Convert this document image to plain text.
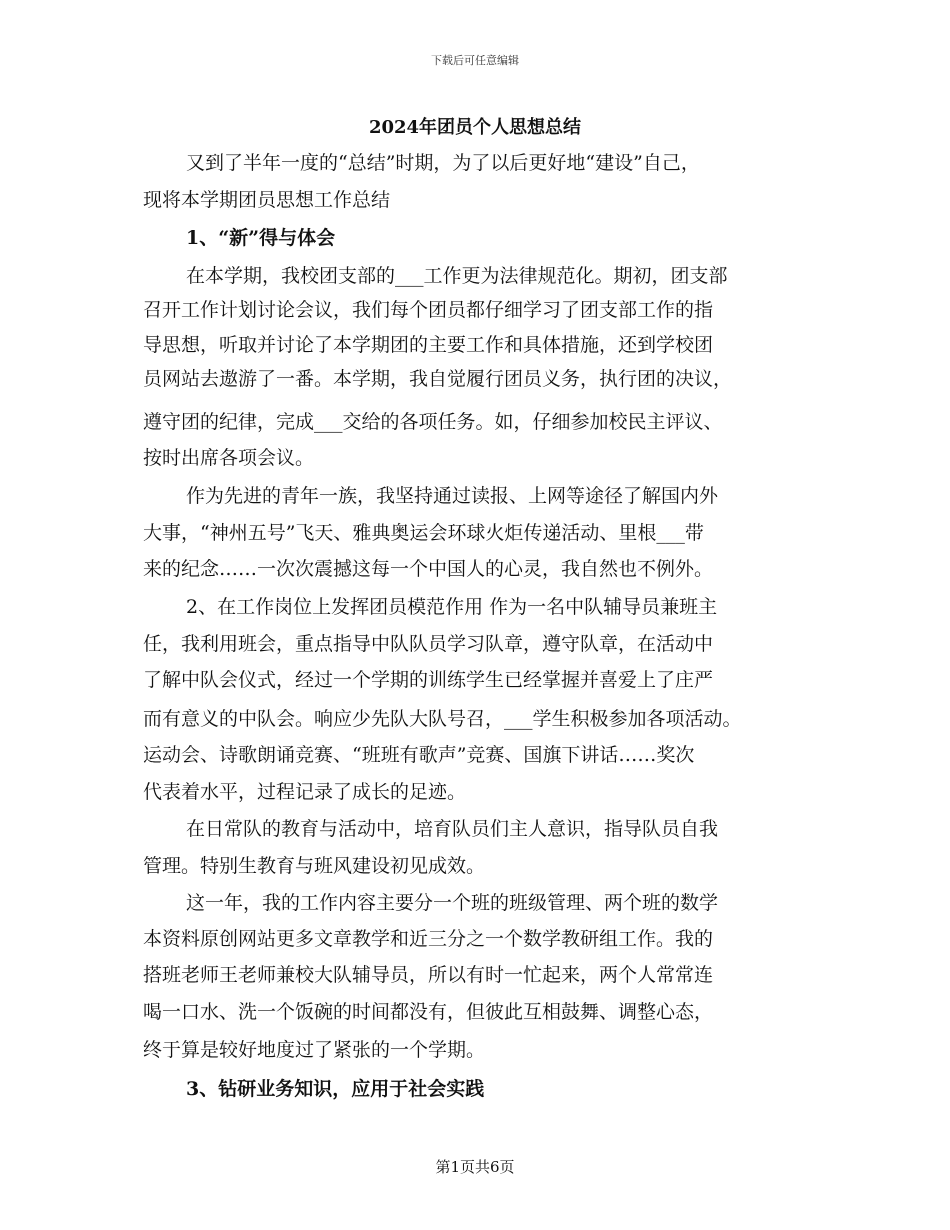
下载后可任意编辑
2024年团员个人思想总结
又到了半年一度的“总结”时期，为了以后更好地“建设”自己，
现将本学期团员思想工作总结
1、“新”得与体会
在本学期，我校团支部的___工作更为法律规范化。期初，团支部
召开工作计划讨论会议，我们每个团员都仔细学习了团支部工作的指
导思想，听取并讨论了本学期团的主要工作和具体措施，还到学校团
员网站去遨游了一番。本学期，我自觉履行团员义务，执行团的决议，
遵守团的纪律，完成___交给的各项任务。如，仔细参加校民主评议、
按时出席各项会议。
作为先进的青年一族，我坚持通过读报、上网等途径了解国内外
大事，“神州五号”飞天、雅典奥运会环球火炬传递活动、里根___带
来的纪念……一次次震撼这每一个中国人的心灵，我自然也不例外。
2、在工作岗位上发挥团员模范作用 作为一名中队辅导员兼班主
任，我利用班会，重点指导中队队员学习队章，遵守队章，在活动中
了解中队会仪式，经过一个学期的训练学生已经掌握并喜爱上了庄严
而有意义的中队会。响应少先队大队号召，___学生积极参加各项活动。
运动会、诗歌朗诵竞赛、“班班有歌声”竞赛、国旗下讲话……奖次
代表着水平，过程记录了成长的足迹。
在日常队的教育与活动中，培育队员们主人意识，指导队员自我
管理。特别生教育与班风建设初见成效。
这一年，我的工作内容主要分一个班的班级管理、两个班的数学
本资料原创网站更多文章教学和近三分之一个数学教研组工作。我的
搭班老师王老师兼校大队辅导员，所以有时一忙起来，两个人常常连
喝一口水、洗一个饭碗的时间都没有，但彼此互相鼓舞、调整心态，
终于算是较好地度过了紧张的一个学期。
3、钻研业务知识，应用于社会实践
第1页共6页
